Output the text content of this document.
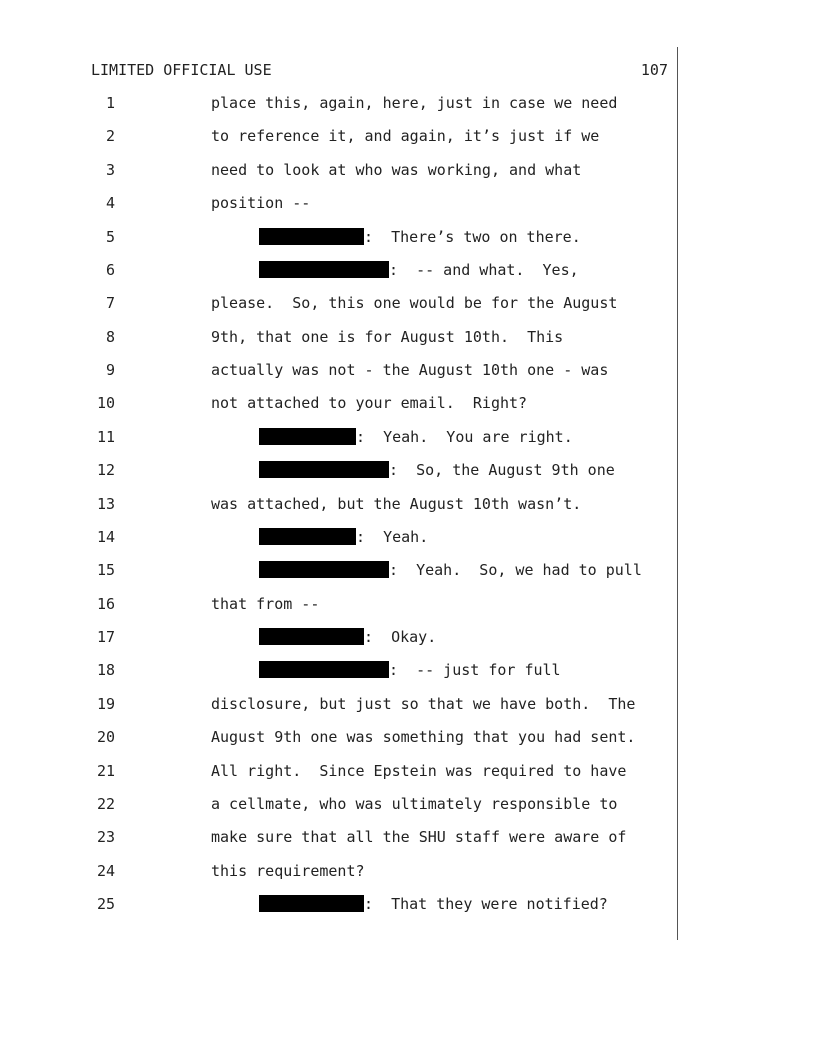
LIMITED OFFICIAL USE	107
1	place this, again, here, just in case we need
2	to reference it, and again, it’s just if we
3	need to look at who was working, and what
4	position --
5	:  There’s two on there.
6	:  -- and what.  Yes,
7	please.  So, this one would be for the August
8	9th, that one is for August 10th.  This
9	actually was not - the August 10th one - was
10	not attached to your email.  Right?
11	:  Yeah.  You are right.
12	:  So, the August 9th one
13	was attached, but the August 10th wasn’t.
14	:  Yeah.
15	:  Yeah.  So, we had to pull
16	that from --
17	:  Okay.
18	:  -- just for full
19	disclosure, but just so that we have both.  The
20	August 9th one was something that you had sent.
21	All right.  Since Epstein was required to have
22	a cellmate, who was ultimately responsible to
23	make sure that all the SHU staff were aware of
24	this requirement?
25	:  That they were notified?
